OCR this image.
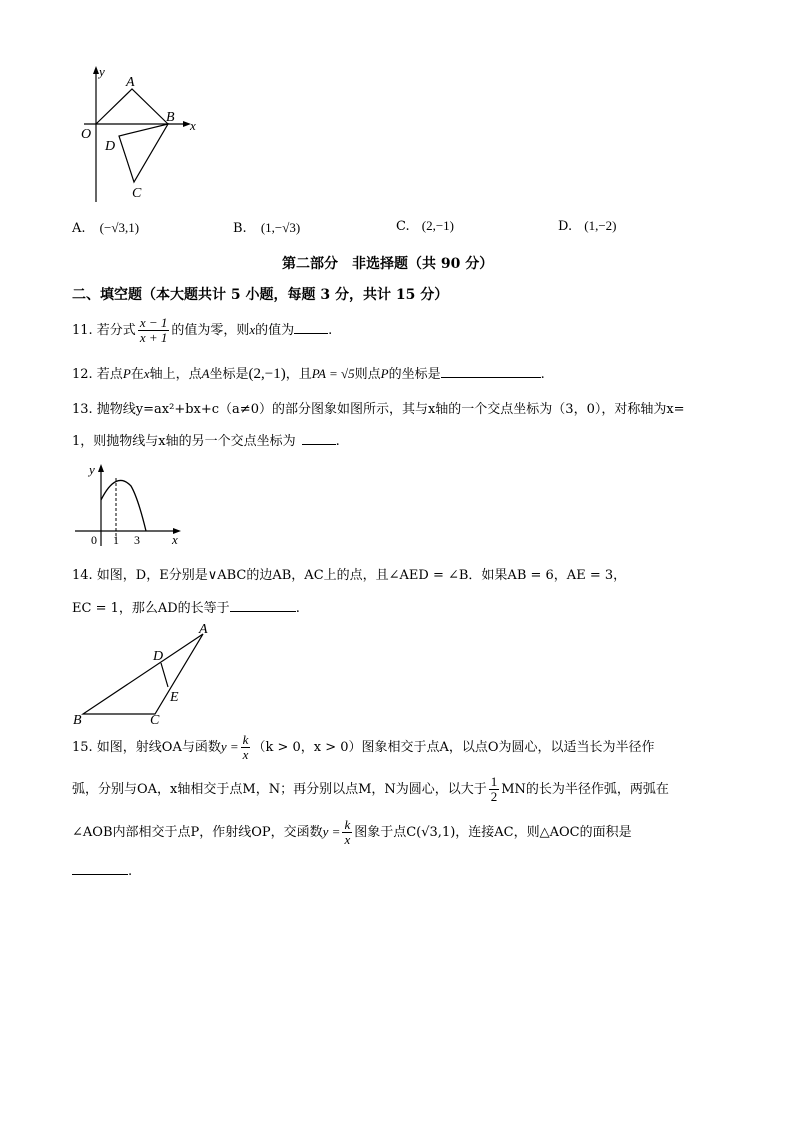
y
x
O
A
B
D
C
A. (−√3,1)	B. (1,−√3)	C. (2,−1)	D. (1,−2)
第二部分　非选择题（共 90 分）
二、填空题（本大题共计 5 小题，每题 3 分，共计 15 分）
11. 若分式 $\frac{x - 1}{x + 1}$ 的值为零，则x的值为	.
12. 若点P在x轴上，点A坐标是(2,−1)，且PA = √5则点P的坐标是	.
13. 抛物线y=ax²+bx+c（a≠0）的部分图象如图所示，其与x轴的一个交点坐标为（3，0），对称轴为x=
1，则抛物线与x轴的另一个交点坐标为	.
y
x
0 1 3
14. 如图，D，E分别是∨ABC的边AB，AC上的点，且∠AED = ∠B．如果AB = 6，AE = 3，
EC = 1，那么AD的长等于	.
A
D
E
B	C
15. 如图，射线OA与函数$y = \frac{k}{x} (k > 0$，x > 0）图象相交于点A，以点O为圆心，以适当长为半径作
弧，分别与OA，x轴相交于点M，N；再分别以点M，N为圆心，以大于 $\frac{1}{2}$ MN的长为半径作弧，两弧在
∠AOB内部相交于点P，作射线OP，交函数$y = \frac{k}{x}$ 图象于点C(√3,1)，连接AC，则△AOC的面积是
.
